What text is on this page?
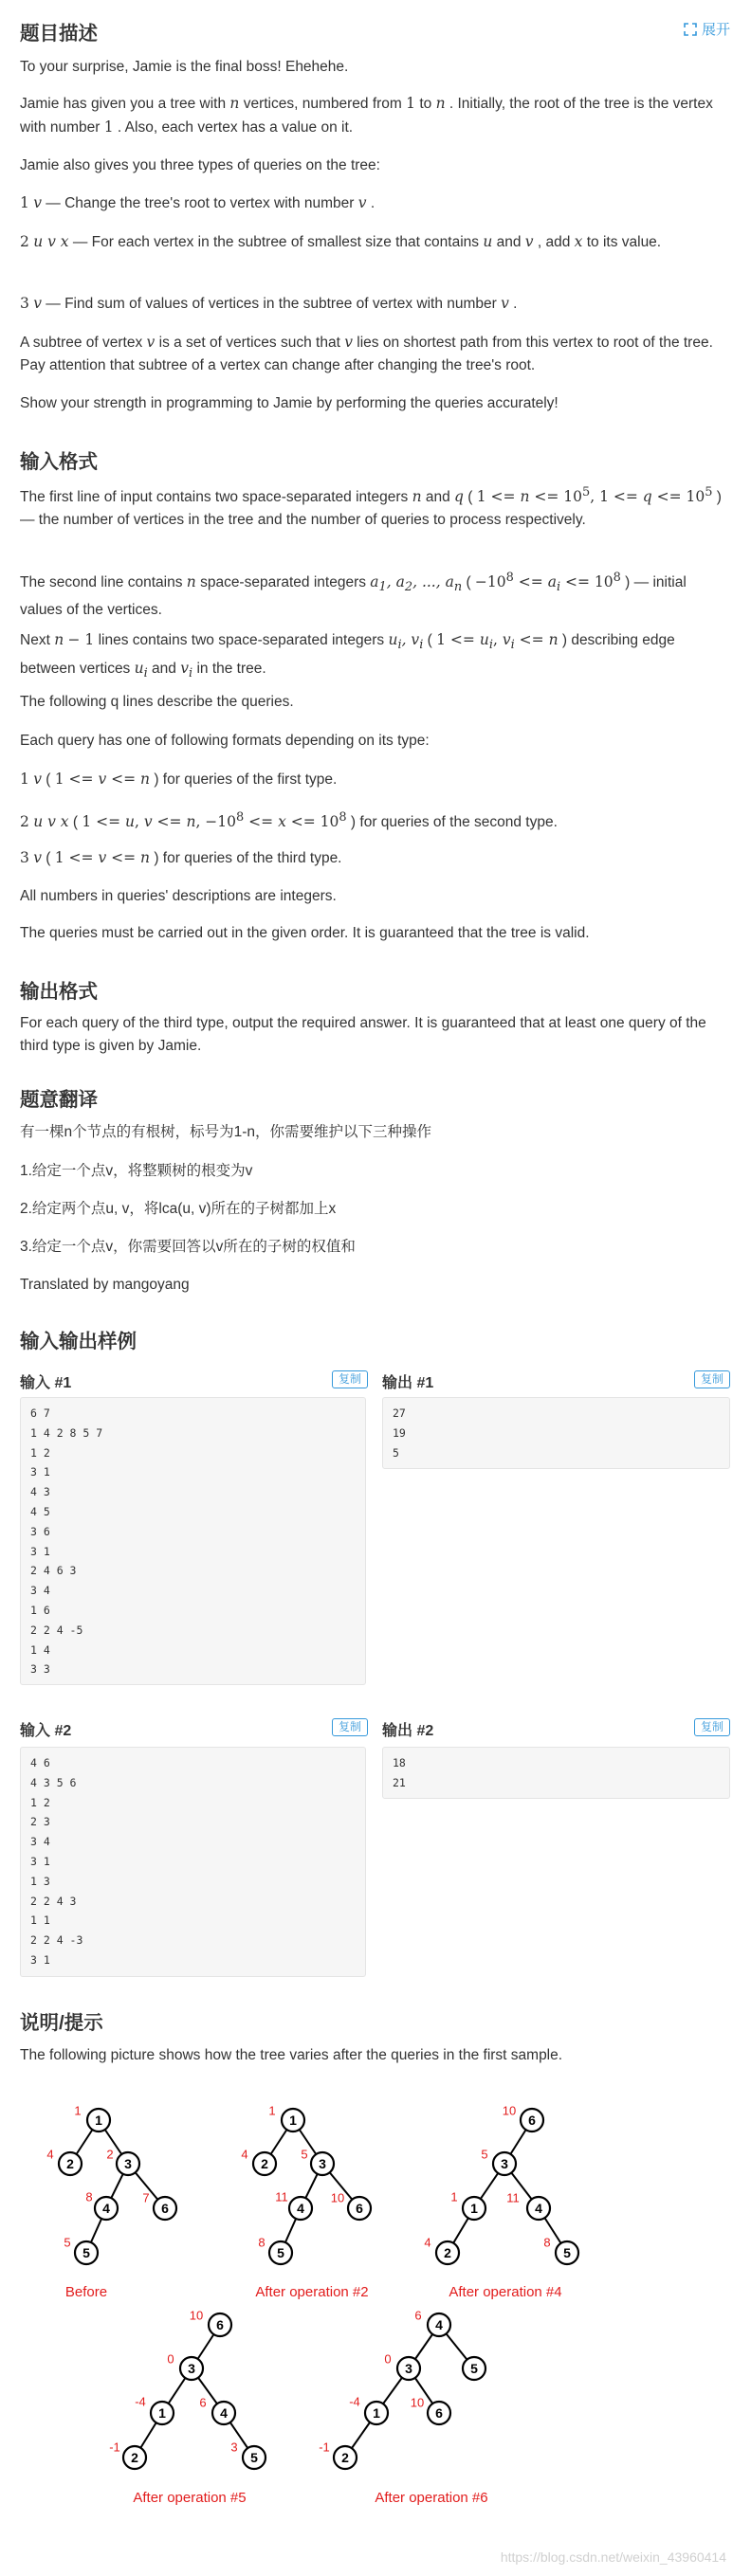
题目描述	展开

To your surprise, Jamie is the final boss! Ehehehe.

Jamie has given you a tree with n vertices, numbered from 1 to n . Initially, the root of the tree is the vertex with number 1 . Also, each vertex has a value on it.

Jamie also gives you three types of queries on the tree:

1 v — Change the tree's root to vertex with number v .

2 u v x — For each vertex in the subtree of smallest size that contains u and v , add x to its value.

3 v — Find sum of values of vertices in the subtree of vertex with number v .

A subtree of vertex v is a set of vertices such that v lies on shortest path from this vertex to root of the tree. Pay attention that subtree of a vertex can change after changing the tree's root.

Show your strength in programming to Jamie by performing the queries accurately!

输入格式

The first line of input contains two space-separated integers n and q ( $1 <= n <= 10^5$, $1 <= q <= 10^5$ ) — the number of vertices in the tree and the number of queries to process respectively.

The second line contains n space-separated integers $a_1$, $a_2$, ..., $a_n$ ( $-10^8 <= a_i <= 10^8$ ) — initial values of the vertices.

Next n − 1 lines contains two space-separated integers $u_i$, $v_i$ ( $1 <= u_i$, $v_i <= n$ ) describing edge between vertices $u_i$ and $v_i$ in the tree.

The following q lines describe the queries.

Each query has one of following formats depending on its type:

1 v ( 1 <= v <= n ) for queries of the first type.

2 u v x ( 1 <= u, v <= n, $-10^8 <= x <= 10^8$ ) for queries of the second type.

3 v ( 1 <= v <= n ) for queries of the third type.

All numbers in queries' descriptions are integers.

The queries must be carried out in the given order. It is guaranteed that the tree is valid.

输出格式

For each query of the third type, output the required answer. It is guaranteed that at least one query of the third type is given by Jamie.

题意翻译

有一棵n个节点的有根树，标号为1-n，你需要维护以下三种操作

1.给定一个点v，将整颗树的根变为v

2.给定两个点u, v，将lca(u, v)所在的子树都加上x

3.给定一个点v，你需要回答以v所在的子树的权值和

Translated by mangoyang

输入输出样例
输入 #1	复制
6 7
1 4 2 8 5 7
1 2
3 1
4 3
4 5
3 6
3 1
2 4 6 3
3 4
1 6
2 2 4 -5
1 4
3 3
输出 #1	复制
27
19
5
输入 #2	复制
4 6
4 3 5 6
1 2
2 3
3 4
3 1
1 3
2 2 4 3
1 1
2 2 4 -3
3 1
输出 #2	复制
18
21
说明/提示

The following picture shows how the tree varies after the queries in the first sample.

1
2	3
4	6
5
1
4	2
8	7
5
Before
1
2	3
4	6
5
1
4	5
11	10
8
After operation #2
6
3
1	4
2	5
10
5
1	11
4	8
After operation #4
6
3
1	4
2	5
10
0
-4	6
-1	3
After operation #5
4
3	5
1	6
2
6
0
-4	10
-1
After operation #6
https://blog.csdn.net/weixin_43960414
